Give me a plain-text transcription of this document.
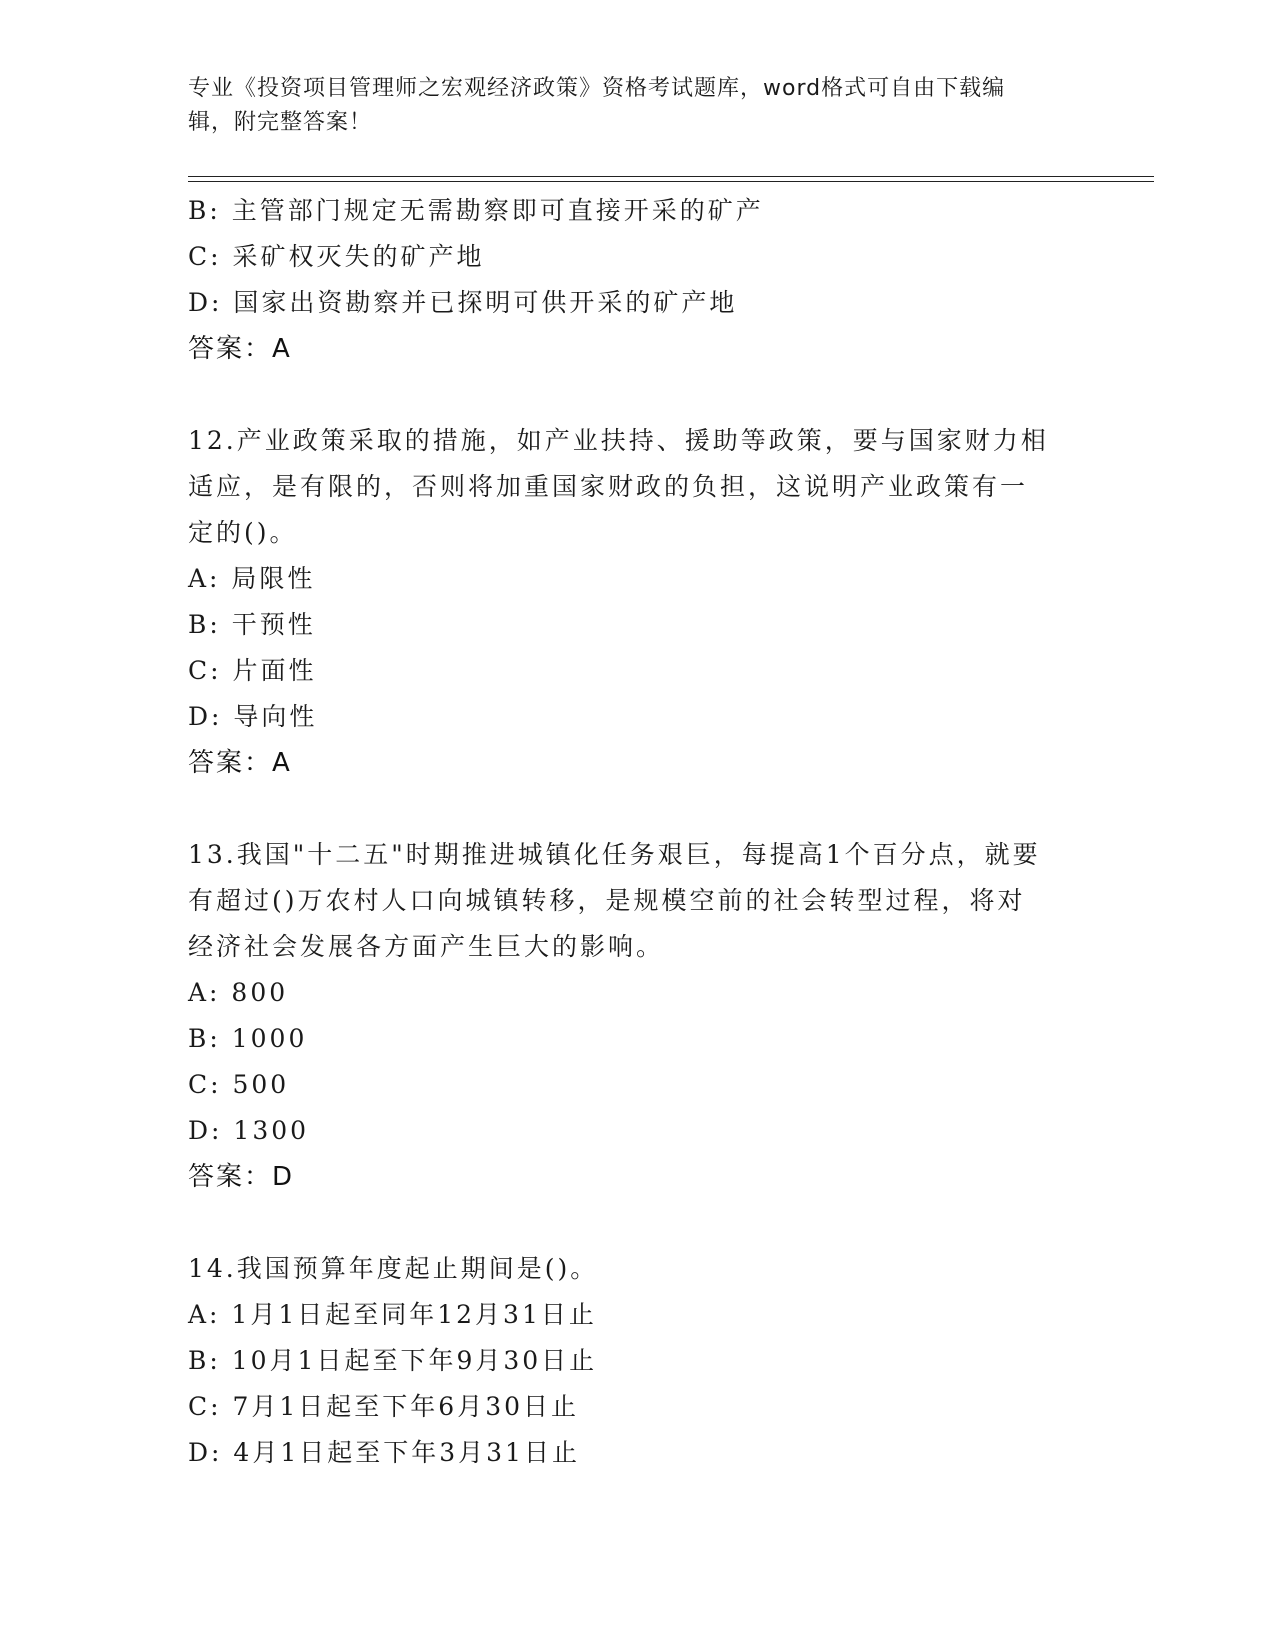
专业《投资项目管理师之宏观经济政策》资格考试题库，word格式可自由下载编
辑，附完整答案！
B: 主管部门规定无需勘察即可直接开采的矿产
C: 采矿权灭失的矿产地
D: 国家出资勘察并已探明可供开采的矿产地
答案：A
12.产业政策采取的措施，如产业扶持、援助等政策，要与国家财力相
适应，是有限的，否则将加重国家财政的负担，这说明产业政策有一
定的()。
A: 局限性
B: 干预性
C: 片面性
D: 导向性
答案：A
13.我国"十二五"时期推进城镇化任务艰巨，每提高1个百分点，就要
有超过()万农村人口向城镇转移，是规模空前的社会转型过程，将对
经济社会发展各方面产生巨大的影响。
A: 800
B: 1000
C: 500
D: 1300
答案：D
14.我国预算年度起止期间是()。
A: 1月1日起至同年12月31日止
B: 10月1日起至下年9月30日止
C: 7月1日起至下年6月30日止
D: 4月1日起至下年3月31日止
